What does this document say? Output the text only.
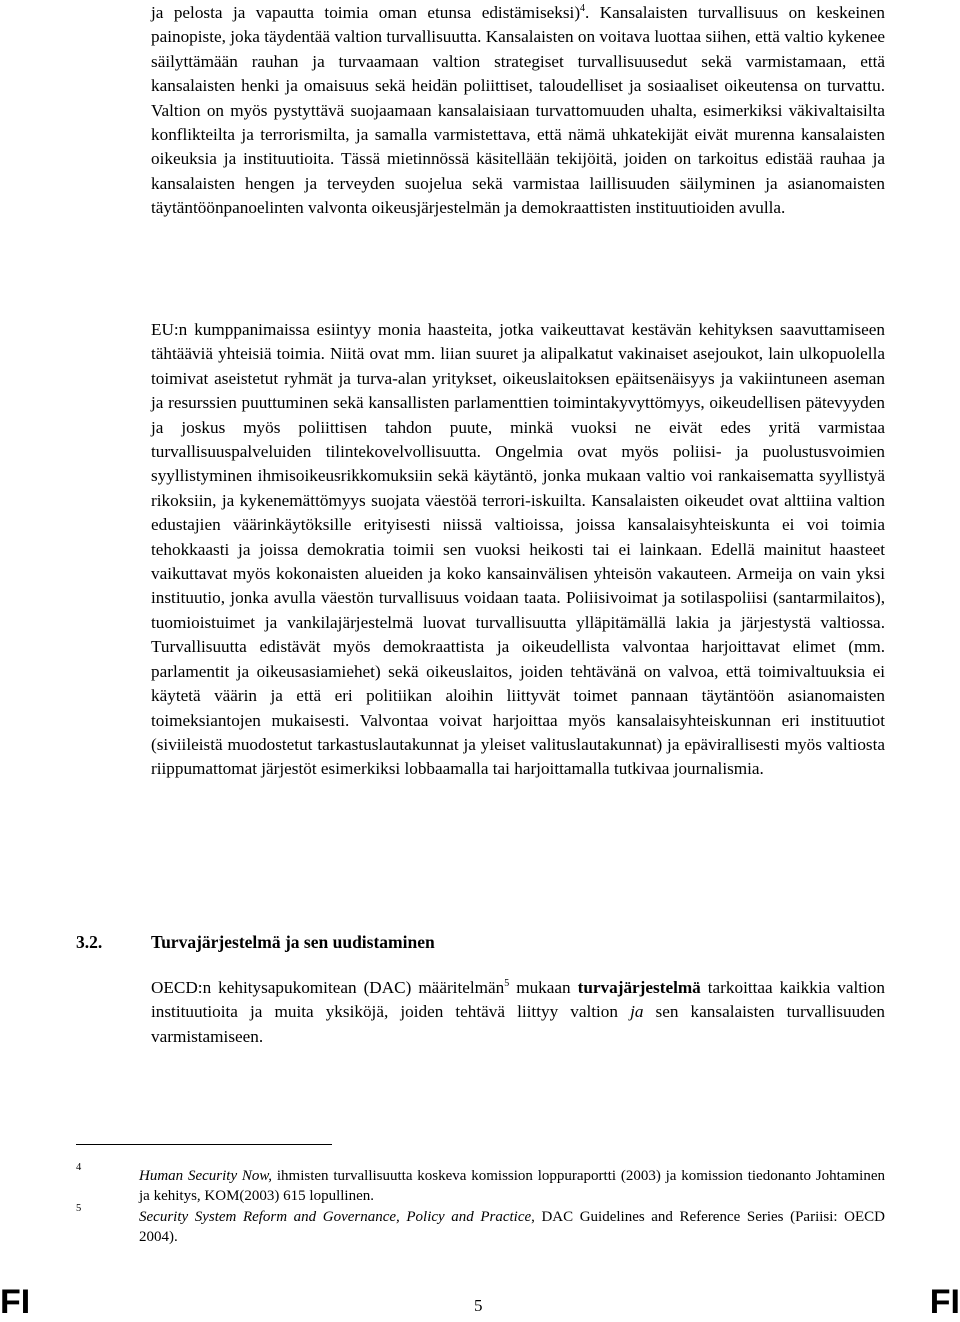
ja pelosta ja vapautta toimia oman etunsa edistämiseksi)$^4$. Kansalaisten turvallisuus on keskeinen painopiste, joka täydentää valtion turvallisuutta. Kansalaisten on voitava luottaa siihen, että valtio kykenee säilyttämään rauhan ja turvaamaan valtion strategiset turvallisuusedut sekä varmistamaan, että kansalaisten henki ja omaisuus sekä heidän poliittiset, taloudelliset ja sosiaaliset oikeutensa on turvattu. Valtion on myös pystyttävä suojaamaan kansalaisiaan turvattomuuden uhalta, esimerkiksi väkivaltaisilta konflikteilta ja terrorismilta, ja samalla varmistettava, että nämä uhkatekijät eivät murenna kansalaisten oikeuksia ja instituutioita. Tässä mietinnössä käsitellään tekijöitä, joiden on tarkoitus edistää rauhaa ja kansalaisten hengen ja terveyden suojelua sekä varmistaa laillisuuden säilyminen ja asianomaisten täytäntöönpanoelinten valvonta oikeusjärjestelmän ja demokraattisten instituutioiden avulla.

EU:n kumppanimaissa esiintyy monia haasteita, jotka vaikeuttavat kestävän kehityksen saavuttamiseen tähtääviä yhteisiä toimia. Niitä ovat mm. liian suuret ja alipalkatut vakinaiset asejoukot, lain ulkopuolella toimivat aseistetut ryhmät ja turva-alan yritykset, oikeuslaitoksen epäitsenäisyys ja vakiintuneen aseman ja resurssien puuttuminen sekä kansallisten parlamenttien toimintakyvyttömyys, oikeudellisen pätevyyden ja joskus myös poliittisen tahdon puute, minkä vuoksi ne eivät edes yritä varmistaa turvallisuuspalveluiden tilintekovelvollisuutta. Ongelmia ovat myös poliisi- ja puolustusvoimien syyllistyminen ihmisoikeusrikkomuksiin sekä käytäntö, jonka mukaan valtio voi rankaisematta syyllistyä rikoksiin, ja kykenemättömyys suojata väestöä terrori-iskuilta. Kansalaisten oikeudet ovat alttiina valtion edustajien väärinkäytöksille erityisesti niissä valtioissa, joissa kansalaisyhteiskunta ei voi toimia tehokkaasti ja joissa demokratia toimii sen vuoksi heikosti tai ei lainkaan. Edellä mainitut haasteet vaikuttavat myös kokonaisten alueiden ja koko kansainvälisen yhteisön vakauteen. Armeija on vain yksi instituutio, jonka avulla väestön turvallisuus voidaan taata. Poliisivoimat ja sotilaspoliisi (santarmilaitos), tuomioistuimet ja vankilajärjestelmä luovat turvallisuutta ylläpitämällä lakia ja järjestystä valtiossa. Turvallisuutta edistävät myös demokraattista ja oikeudellista valvontaa harjoittavat elimet (mm. parlamentit ja oikeusasiamiehet) sekä oikeuslaitos, joiden tehtävänä on valvoa, että toimivaltuuksia ei käytetä väärin ja että eri politiikan aloihin liittyvät toimet pannaan täytäntöön asianomaisten toimeksiantojen mukaisesti. Valvontaa voivat harjoittaa myös kansalaisyhteiskunnan eri instituutiot (siviileistä muodostetut tarkastuslautakunnat ja yleiset valituslautakunnat) ja epävirallisesti myös valtiosta riippumattomat järjestöt esimerkiksi lobbaamalla tai harjoittamalla tutkivaa journalismia.

3.2.	Turvajärjestelmä ja sen uudistaminen

OECD:n kehitysapukomitean (DAC) määritelmän$^5$ mukaan turvajärjestelmä tarkoittaa kaikkia valtion instituutioita ja muita yksiköjä, joiden tehtävä liittyy valtion ja sen kansalaisten turvallisuuden varmistamiseen.

4
Human Security Now, ihmisten turvallisuutta koskeva komission loppuraportti (2003) ja komission tiedonanto Johtaminen ja kehitys, KOM(2003) 615 lopullinen.

5
Security System Reform and Governance, Policy and Practice, DAC Guidelines and Reference Series (Pariisi: OECD 2004).

FI	5	FI
